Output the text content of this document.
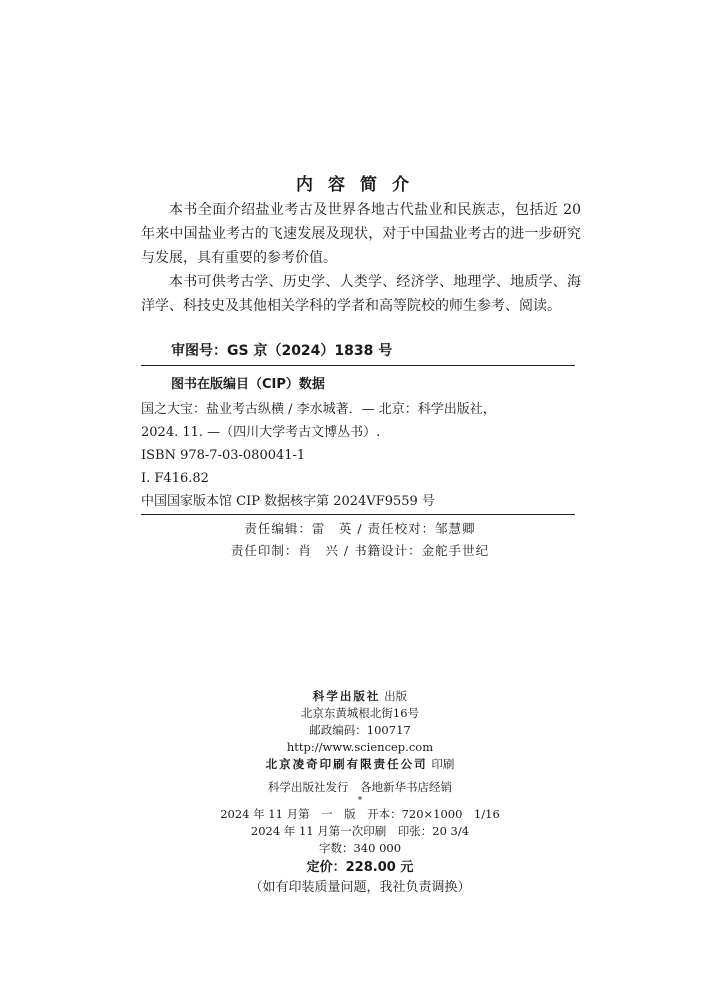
内容简介

本书全面介绍盐业考古及世界各地古代盐业和民族志，包括近 20 年来中国盐业考古的飞速发展及现状，对于中国盐业考古的进一步研究与发展，具有重要的参考价值。

本书可供考古学、历史学、人类学、经济学、地理学、地质学、海洋学、科技史及其他相关学科的学者和高等院校的师生参考、阅读。

审图号：GS 京（2024）1838 号
图书在版编目（CIP）数据
国之大宝：盐业考古纵横 / 李水城著．— 北京：科学出版社，
2024. 11. —（四川大学考古文博丛书）.
ISBN 978-7-03-080041-1
Ⅰ. F416.82
中国国家版本馆 CIP 数据核字第 2024VF9559 号
责任编辑：雷　英 / 责任校对：邹慧卿
责任印制：肖　兴 / 书籍设计：金舵手世纪
科学出版社 出版
北京东黄城根北街16号
邮政编码：100717
http://www.sciencep.com
北京凌奇印刷有限责任公司 印刷
科学出版社发行　各地新华书店经销
*
2024 年 11 月第　一　版　开本：720×1000　1/16
2024 年 11 月第一次印刷　印张：20 3/4
字数：340 000
定价：228.00 元
（如有印装质量问题，我社负责调换）
